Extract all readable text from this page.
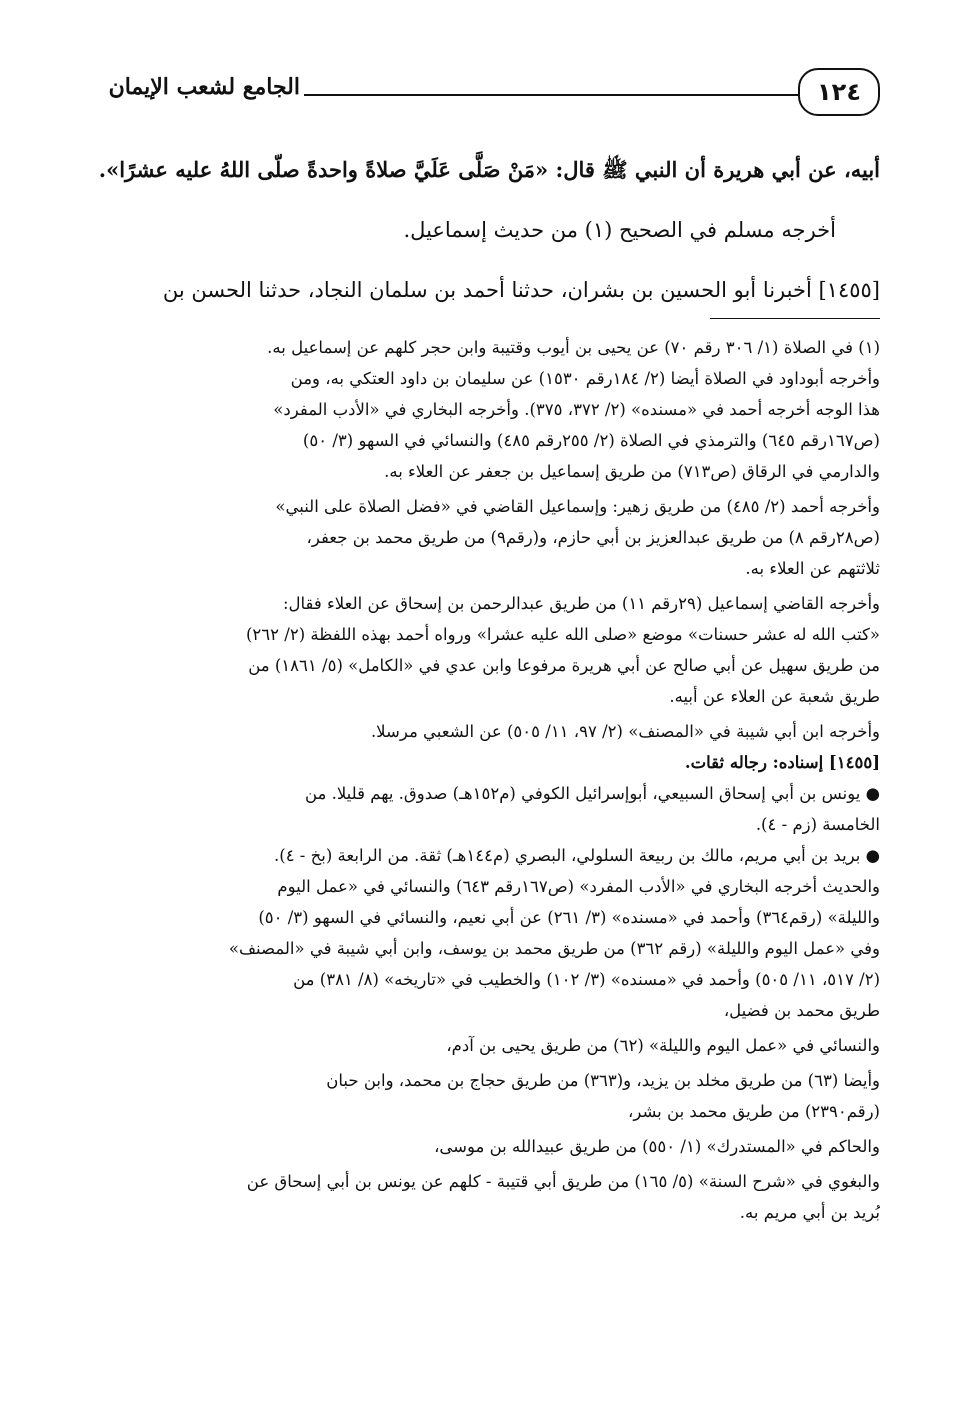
الجامع لشعب الإيمان	١٢٤

أبيه، عن أبي هريرة أن النبي ﷺ قال: «مَنْ صَلَّى عَلَيَّ صلاةً واحدةً صلّى اللهُ عليه عشرًا».

أخرجه مسلم في الصحيح (١) من حديث إسماعيل.

[١٤٥٥] أخبرنا أبو الحسين بن بشران، حدثنا أحمد بن سلمان النجاد، حدثنا الحسن بن

(١) في الصلاة (١/ ٣٠٦ رقم ٧٠) عن يحيى بن أيوب وقتيبة وابن حجر كلهم عن إسماعيل به.
وأخرجه أبوداود في الصلاة أيضا (٢/ ١٨٤رقم ١٥٣٠) عن سليمان بن داود العتكي به، ومن
هذا الوجه أخرجه أحمد في «مسنده» (٢/ ٣٧٢، ٣٧٥). وأخرجه البخاري في «الأدب المفرد»
(ص١٦٧رقم ٦٤٥) والترمذي في الصلاة (٢/ ٢٥٥رقم ٤٨٥) والنسائي في السهو (٣/ ٥٠)
والدارمي في الرقاق (ص٧١٣) من طريق إسماعيل بن جعفر عن العلاء به.
وأخرجه أحمد (٢/ ٤٨٥) من طريق زهير: وإسماعيل القاضي في «فضل الصلاة على النبي»
(ص٢٨رقم ٨) من طريق عبدالعزيز بن أبي حازم، و(رقم٩) من طريق محمد بن جعفر،
ثلاثتهم عن العلاء به.
وأخرجه القاضي إسماعيل (٢٩رقم ١١) من طريق عبدالرحمن بن إسحاق عن العلاء فقال:
«كتب الله له عشر حسنات» موضع «صلى الله عليه عشرا» ورواه أحمد بهذه اللفظة (٢/ ٢٦٢)
من طريق سهيل عن أبي صالح عن أبي هريرة مرفوعا وابن عدي في «الكامل» (٥/ ١٨٦١) من
طريق شعبة عن العلاء عن أبيه.
وأخرجه ابن أبي شيبة في «المصنف» (٢/ ٩٧، ١١/ ٥٠٥) عن الشعبي مرسلا.
[١٤٥٥] إسناده: رجاله ثقات.
● يونس بن أبي إسحاق السبيعي، أبوإسرائيل الكوفي (م١٥٢هـ) صدوق. يهم قليلا. من
الخامسة (زم - ٤).
● بريد بن أبي مريم، مالك بن ربيعة السلولي، البصري (م١٤٤هـ) ثقة. من الرابعة (بخ - ٤).
والحديث أخرجه البخاري في «الأدب المفرد» (ص١٦٧رقم ٦٤٣) والنسائي في «عمل اليوم
والليلة» (رقم٣٦٤) وأحمد في «مسنده» (٣/ ٢٦١) عن أبي نعيم، والنسائي في السهو (٣/ ٥٠)
وفي «عمل اليوم والليلة» (رقم ٣٦٢) من طريق محمد بن يوسف، وابن أبي شيبة في «المصنف»
(٢/ ٥١٧، ١١/ ٥٠٥) وأحمد في «مسنده» (٣/ ١٠٢) والخطيب في «تاريخه» (٨/ ٣٨١) من
طريق محمد بن فضيل،
والنسائي في «عمل اليوم والليلة» (٦٢) من طريق يحيى بن آدم،
وأيضا (٦٣) من طريق مخلد بن يزيد، و(٣٦٣) من طريق حجاج بن محمد، وابن حبان
(رقم٢٣٩٠) من طريق محمد بن بشر،
والحاكم في «المستدرك» (١/ ٥٥٠) من طريق عبيدالله بن موسى،
والبغوي في «شرح السنة» (٥/ ١٦٥) من طريق أبي قتيبة - كلهم عن يونس بن أبي إسحاق عن
بُريد بن أبي مريم به.
